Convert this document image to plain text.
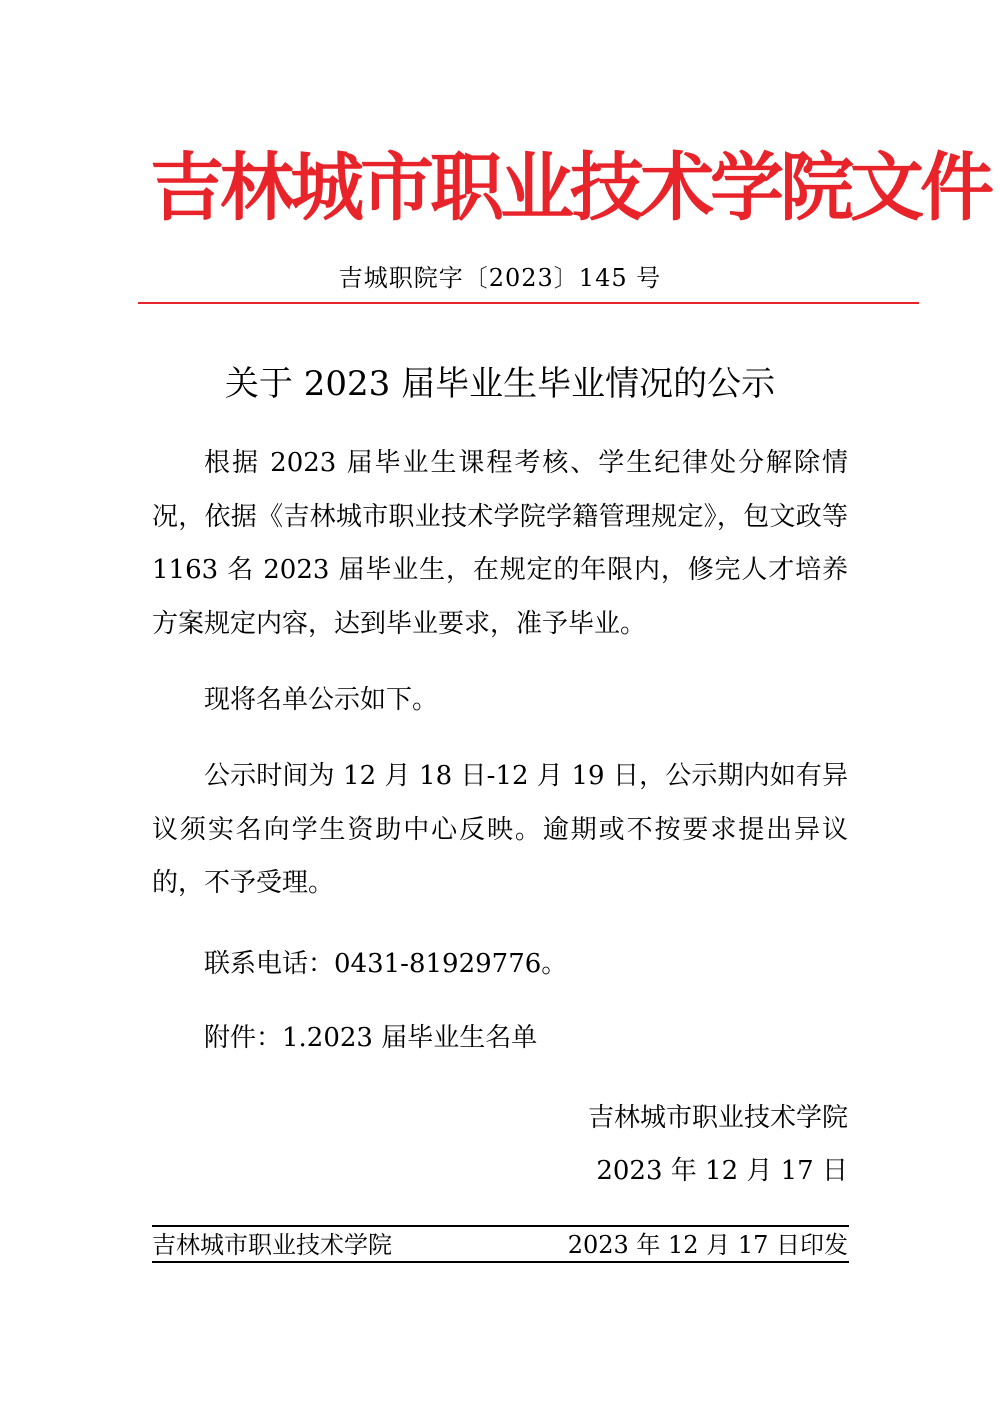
吉林城市职业技术学院文件
吉城职院字〔2023〕145 号
关于 2023 届毕业生毕业情况的公示

根据 2023 届毕业生课程考核、学生纪律处分解除情况，依据《吉林城市职业技术学院学籍管理规定》，包文政等 1163 名 2023 届毕业生，在规定的年限内，修完人才培养方案规定内容，达到毕业要求，准予毕业。

现将名单公示如下。

公示时间为 12 月 18 日-12 月 19 日，公示期内如有异议须实名向学生资助中心反映。逾期或不按要求提出异议的，不予受理。

联系电话：0431-81929776。

附件：1.2023 届毕业生名单

吉林城市职业技术学院
2023 年 12 月 17 日
吉林城市职业技术学院	2023 年 12 月 17 日印发
